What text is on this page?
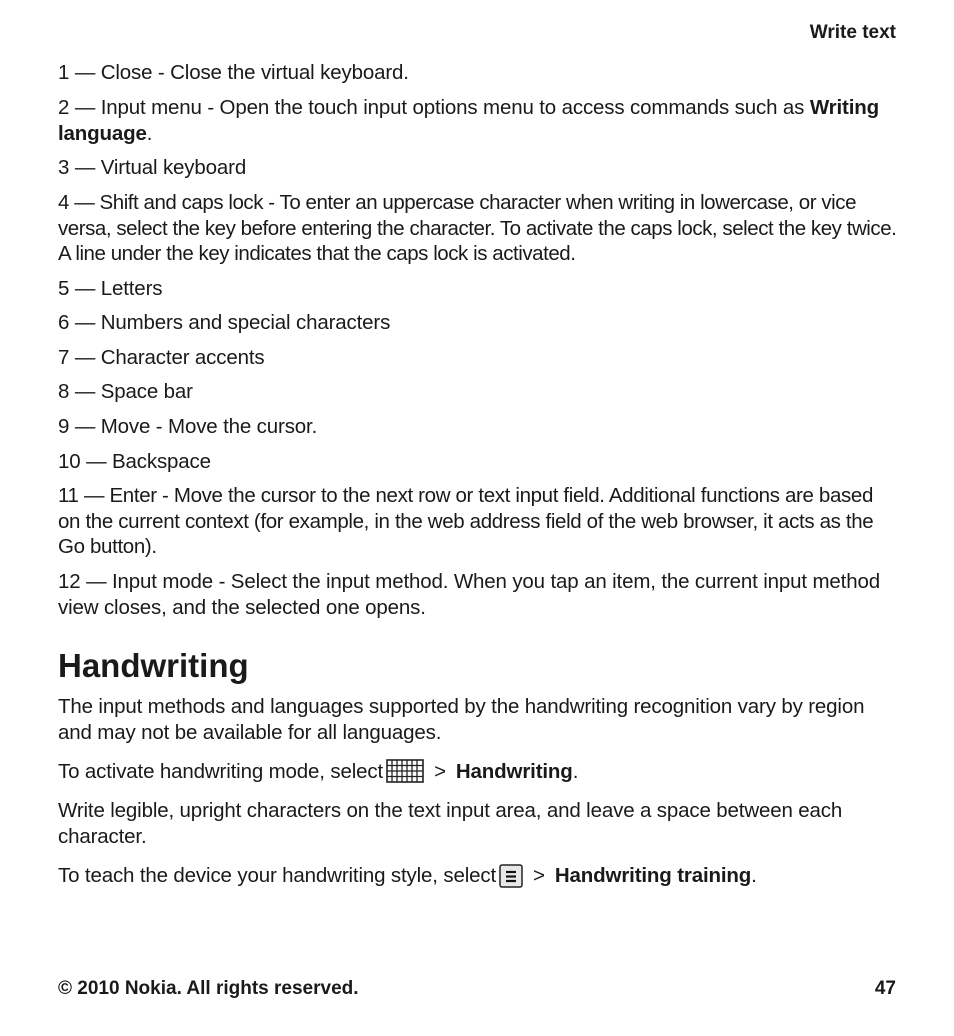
Write text
1 — Close - Close the virtual keyboard.
2 — Input menu - Open the touch input options menu to access commands such as Writing language.
3 — Virtual keyboard
4 — Shift and caps lock - To enter an uppercase character when writing in lowercase, or vice versa, select the key before entering the character. To activate the caps lock, select the key twice. A line under the key indicates that the caps lock is activated.
5 — Letters
6 — Numbers and special characters
7 — Character accents
8 — Space bar
9 — Move - Move the cursor.
10 — Backspace
11 — Enter - Move the cursor to the next row or text input field. Additional functions are based on the current context (for example, in the web address field of the web browser, it acts as the Go button).
12 — Input mode - Select the input method. When you tap an item, the current input method view closes, and the selected one opens.
Handwriting
The input methods and languages supported by the handwriting recognition vary by region and may not be available for all languages.
To activate handwriting mode, select > Handwriting.
Write legible, upright characters on the text input area, and leave a space between each character.
To teach the device your handwriting style, select > Handwriting training.
© 2010 Nokia. All rights reserved.	47
